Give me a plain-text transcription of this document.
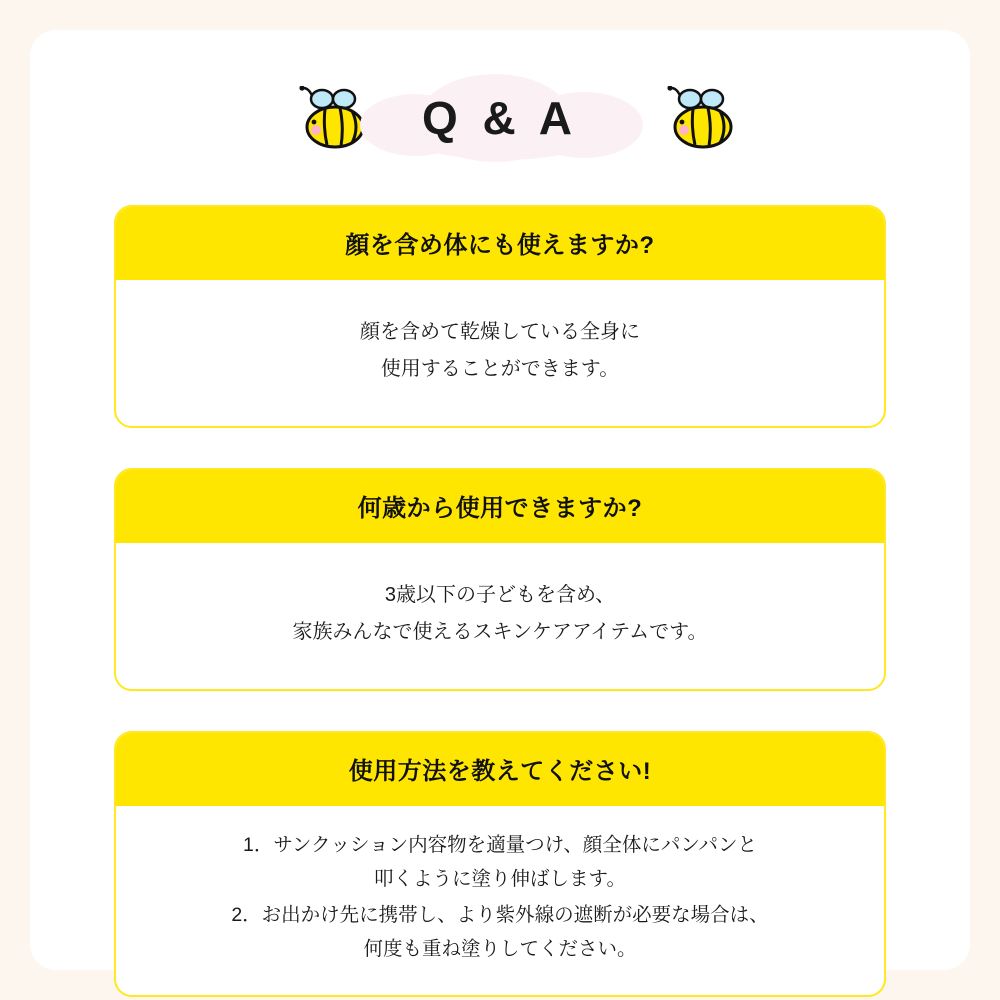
Q & A
顔を含め体にも使えますか?

顔を含めて乾燥している全身に

使用することができます。

何歳から使用できますか?

3歳以下の子どもを含め、

家族みんなで使えるスキンケアアイテムです。

使用方法を教えてください!
1．サンクッション内容物を適量つけ、顔全体にパンパンと
叩くように塗り伸ばします。
2．お出かけ先に携帯し、より紫外線の遮断が必要な場合は、
何度も重ね塗りしてください。
